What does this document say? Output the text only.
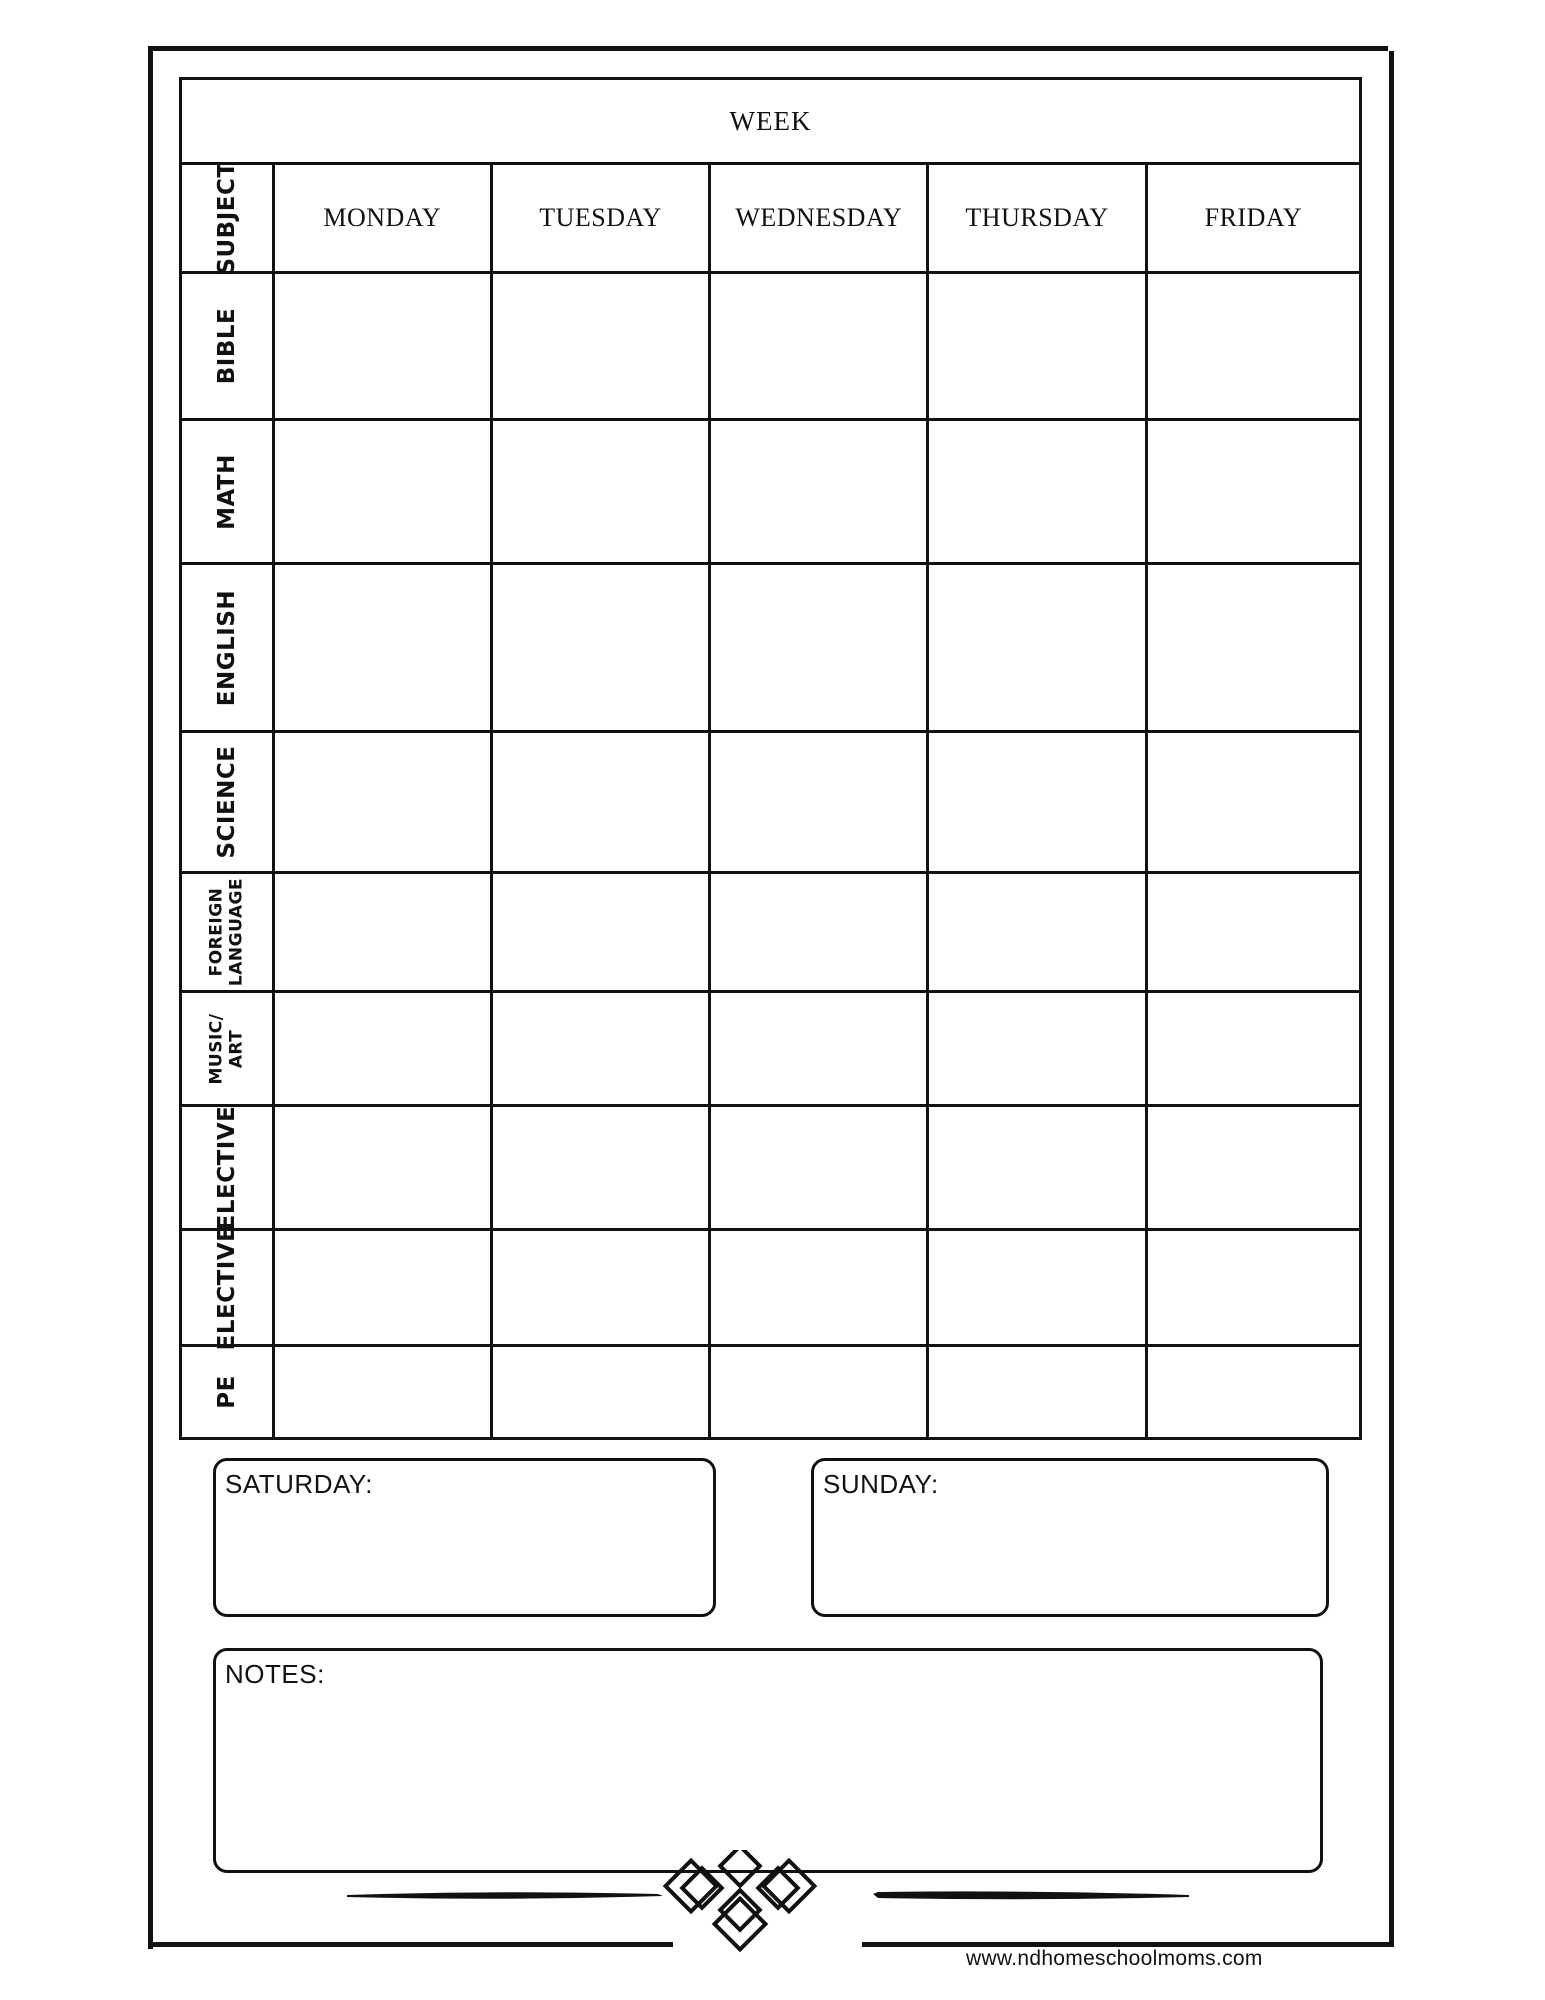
WEEK					

SUBJECT	MONDAY	TUESDAY	WEDNESDAY	THURSDAY	FRIDAY

BIBLE					

MATH					

ENGLISH					

SCIENCE					

FOREIGN LANGUAGE					

MUSIC/ ART					

ELECTIVE					

ELECTIVE					

PE					

SATURDAY:	SUNDAY:
NOTES:
www.ndhomeschoolmoms.com
